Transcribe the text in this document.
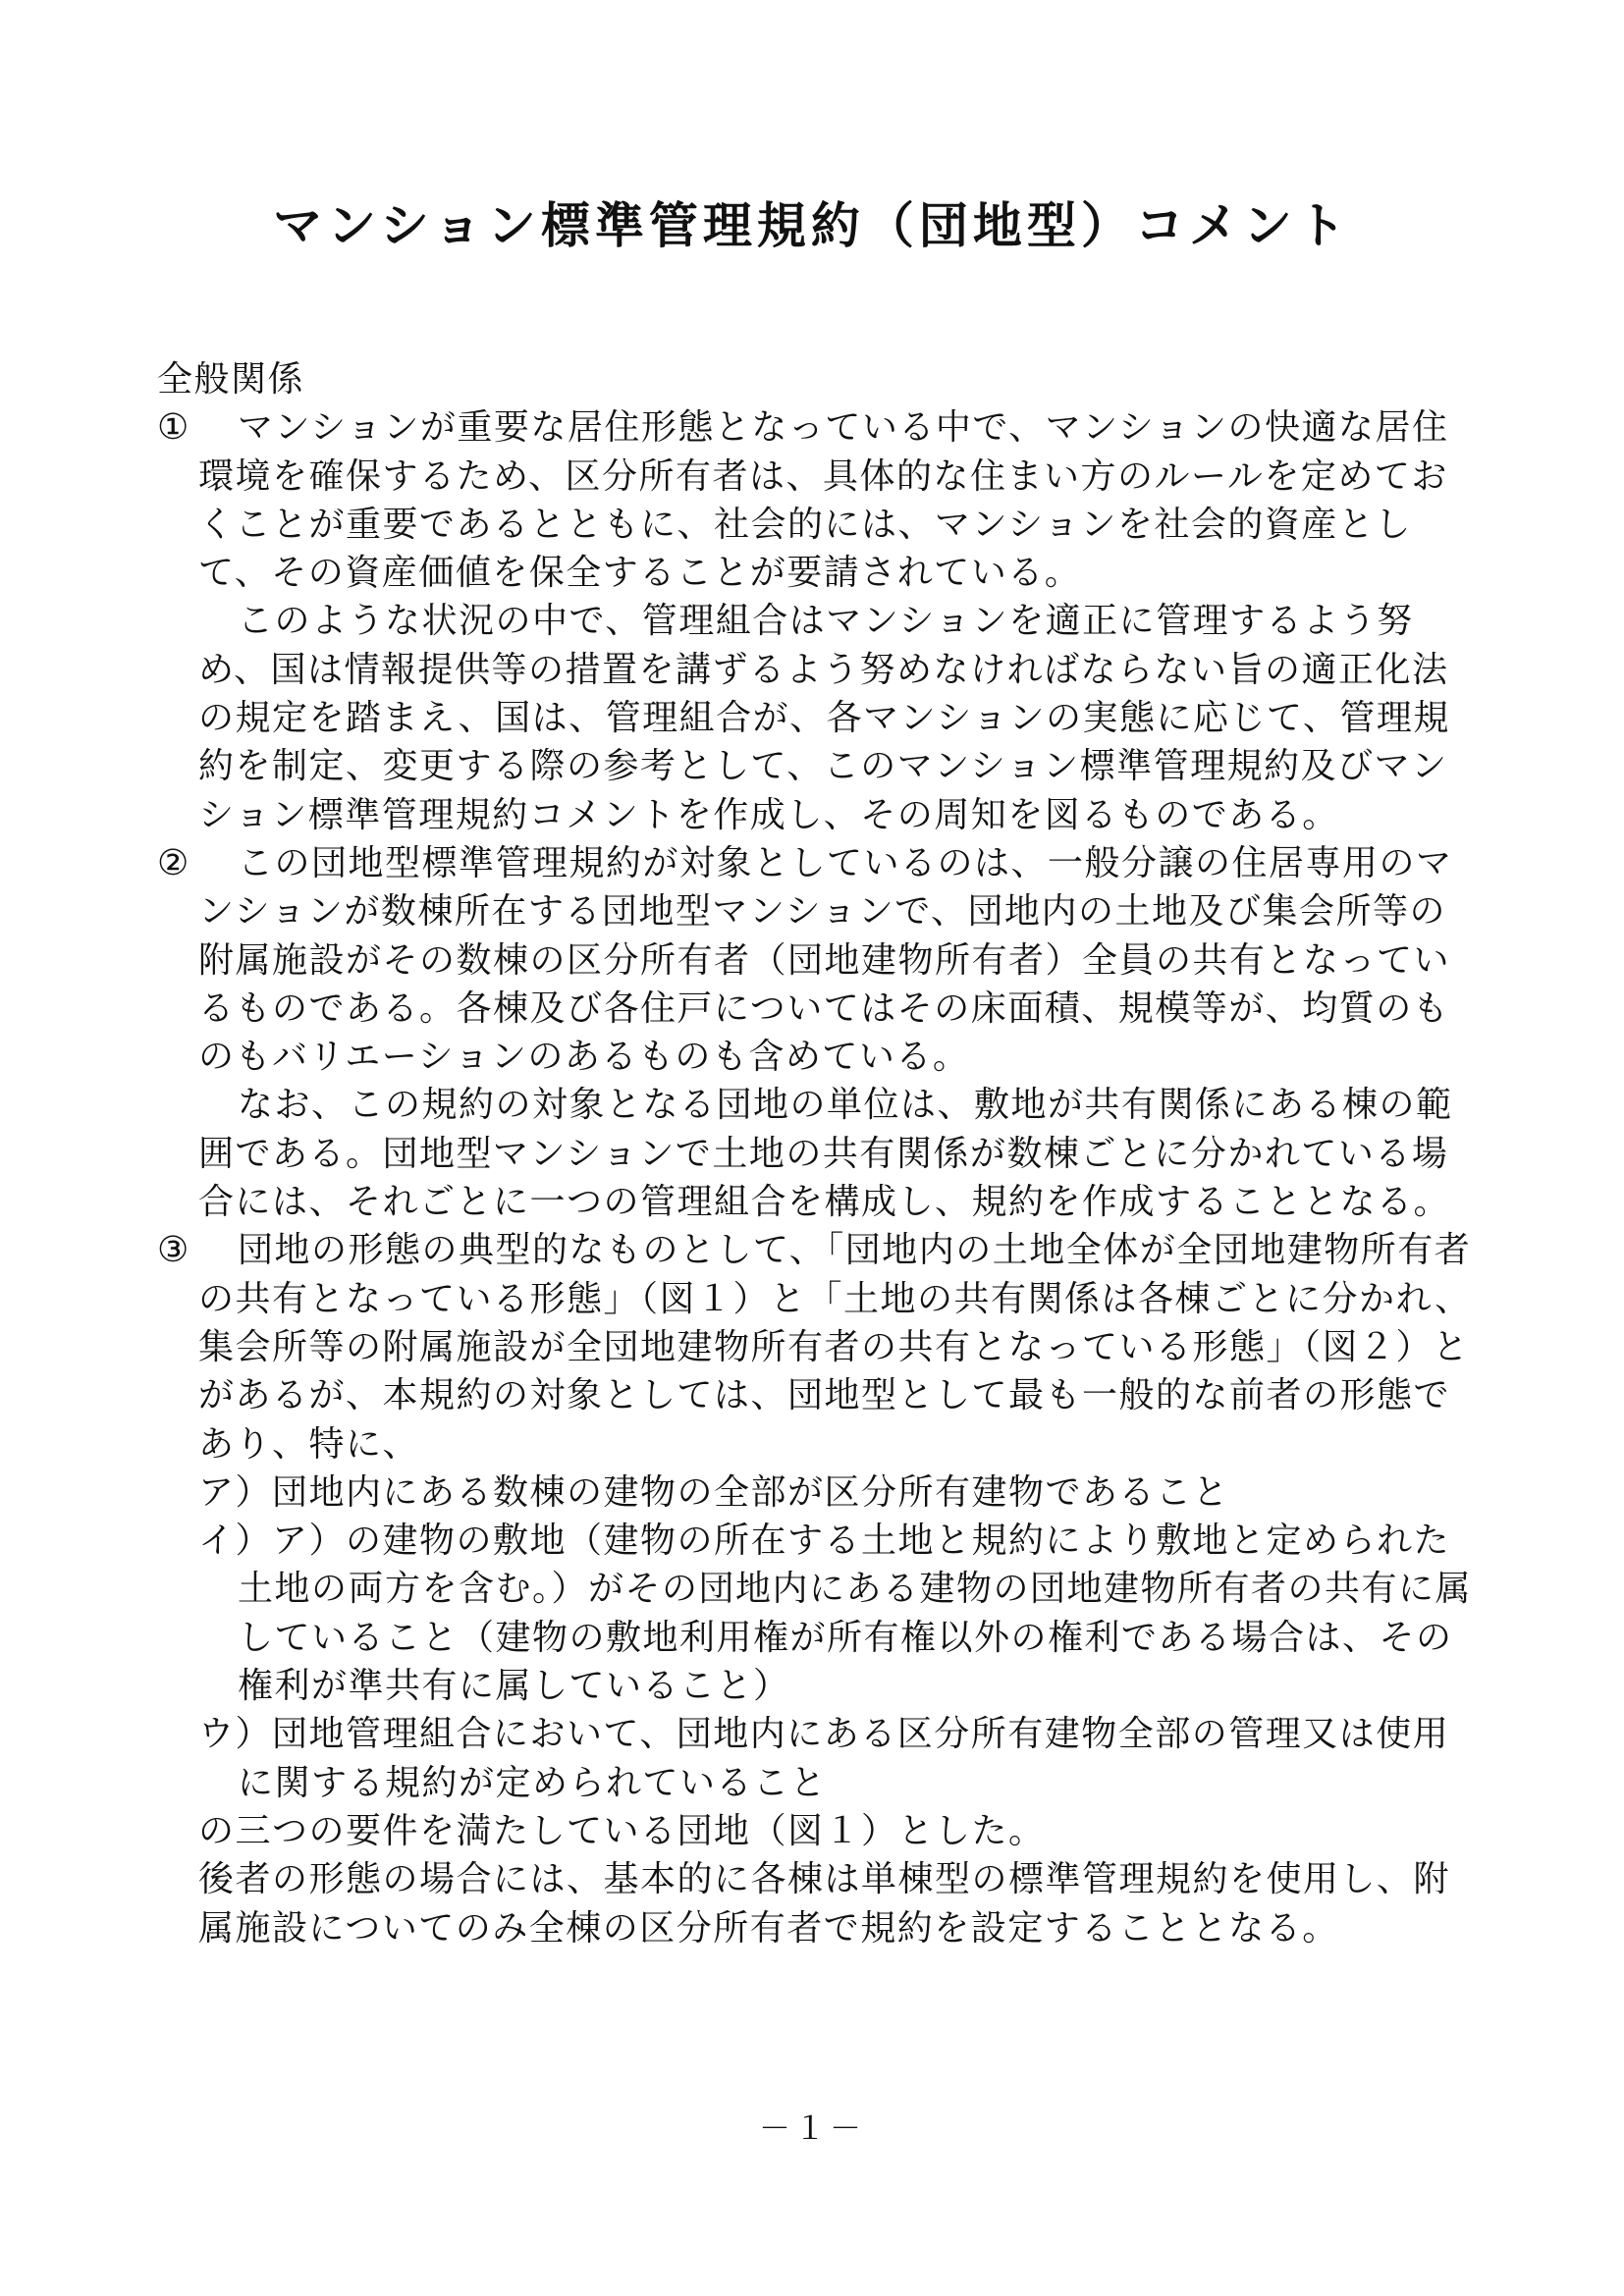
マンション標準管理規約（団地型）コメント

全般関係

① マンションが重要な居住形態となっている中で、マンションの快適な居住環境を確保するため、区分所有者は、具体的な住まい方のルールを定めておくことが重要であるとともに、社会的には、マンションを社会的資産として、その資産価値を保全することが要請されている。

このような状況の中で、管理組合はマンションを適正に管理するよう努め、国は情報提供等の措置を講ずるよう努めなければならない旨の適正化法の規定を踏まえ、国は、管理組合が、各マンションの実態に応じて、管理規約を制定、変更する際の参考として、このマンション標準管理規約及びマンション標準管理規約コメントを作成し、その周知を図るものである。

② この団地型標準管理規約が対象としているのは、一般分譲の住居専用のマンションが数棟所在する団地型マンションで、団地内の土地及び集会所等の附属施設がその数棟の区分所有者（団地建物所有者）全員の共有となっているものである。各棟及び各住戸についてはその床面積、規模等が、均質のものもバリエーションのあるものも含めている。

なお、この規約の対象となる団地の単位は、敷地が共有関係にある棟の範囲である。団地型マンションで土地の共有関係が数棟ごとに分かれている場合には、それごとに一つの管理組合を構成し、規約を作成することとなる。

③ 団地の形態の典型的なものとして、「団地内の土地全体が全団地建物所有者の共有となっている形態」（図１）と「土地の共有関係は各棟ごとに分かれ、集会所等の附属施設が全団地建物所有者の共有となっている形態」（図２）とがあるが、本規約の対象としては、団地型として最も一般的な前者の形態であり、特に、

ア）団地内にある数棟の建物の全部が区分所有建物であること

イ）ア）の建物の敷地（建物の所在する土地と規約により敷地と定められた土地の両方を含む。）がその団地内にある建物の団地建物所有者の共有に属していること（建物の敷地利用権が所有権以外の権利である場合は、その権利が準共有に属していること）

ウ）団地管理組合において、団地内にある区分所有建物全部の管理又は使用に関する規約が定められていること

の三つの要件を満たしている団地（図１）とした。

後者の形態の場合には、基本的に各棟は単棟型の標準管理規約を使用し、附属施設についてのみ全棟の区分所有者で規約を設定することとなる。

－１－
